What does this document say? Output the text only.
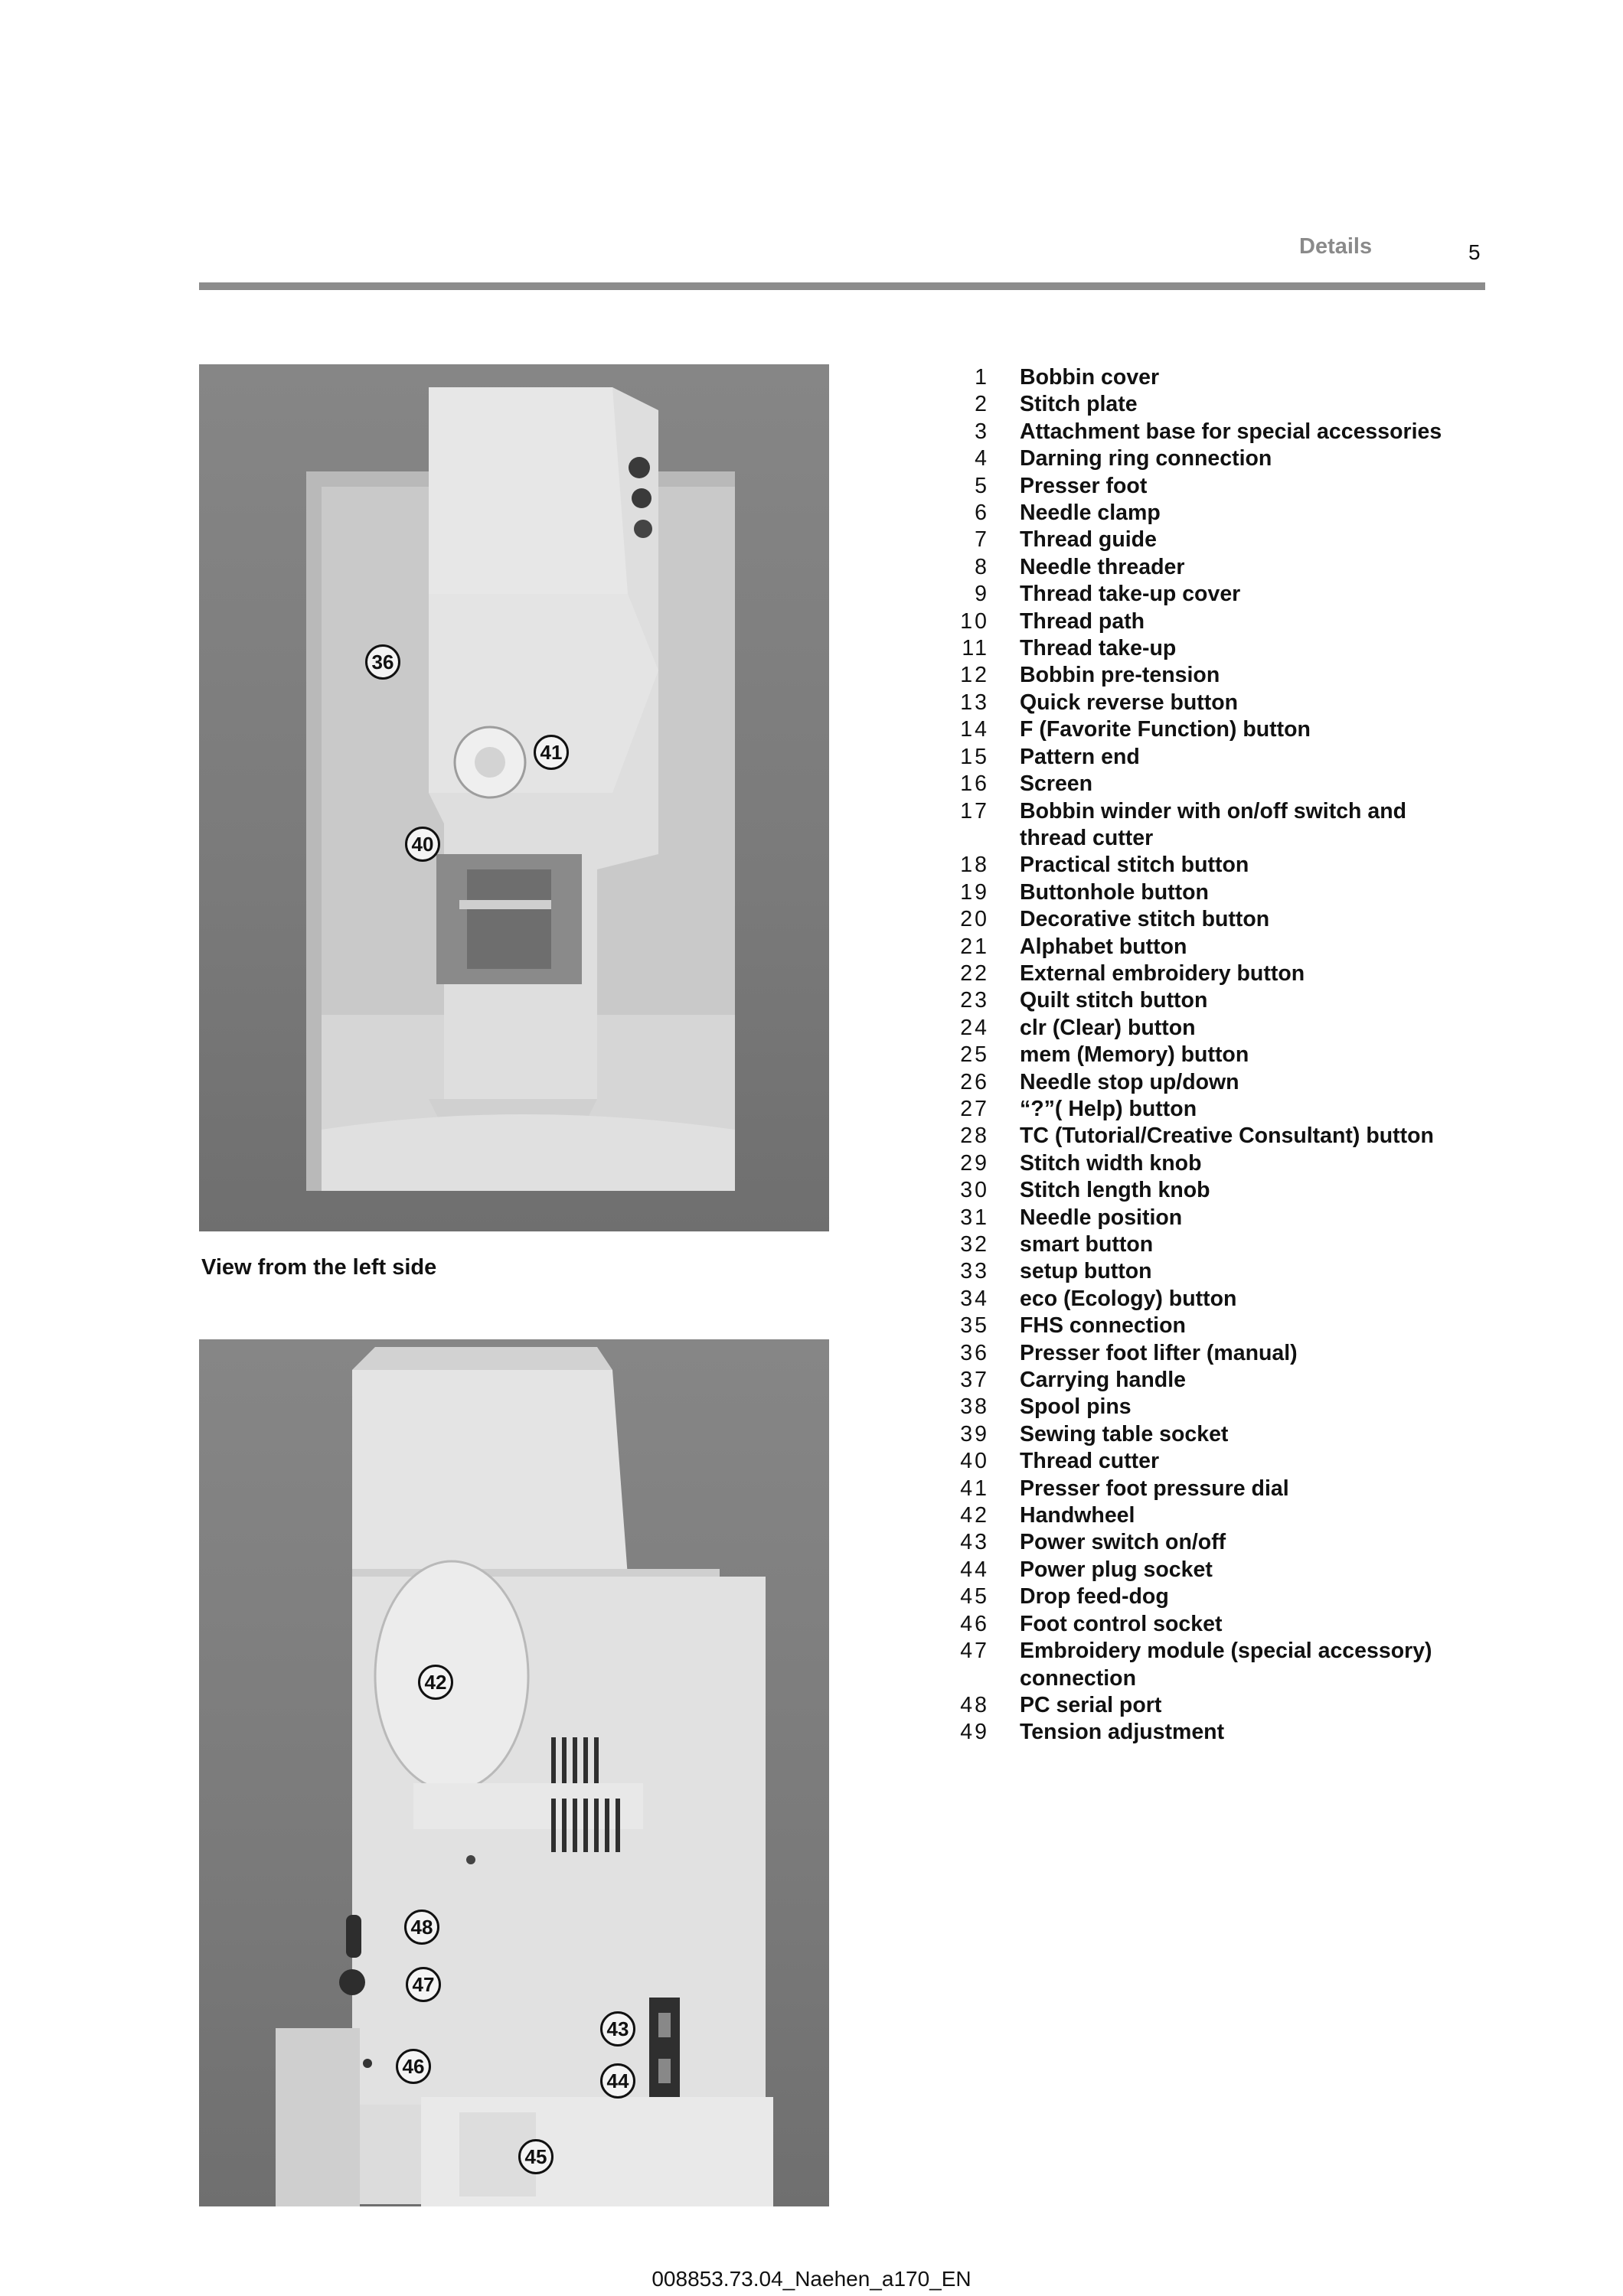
Details	5
36
41
40
View from the left side
42
48
47
43
46
44
45
1	Bobbin cover
2	Stitch plate
3	Attachment base for special accessories
4	Darning ring connection
5	Presser foot
6	Needle clamp
7	Thread guide
8	Needle threader
9	Thread take-up cover
10	Thread path
11	Thread take-up
12	Bobbin pre-tension
13	Quick reverse button
14	F (Favorite Function) button
15	Pattern end
16	Screen
17	Bobbin winder with on/off switch and
thread cutter
18	Practical stitch button
19	Buttonhole button
20	Decorative stitch button
21	Alphabet button
22	External embroidery button
23	Quilt stitch button
24	clr (Clear) button
25	mem (Memory) button
26	Needle stop up/down
27	“?”( Help) button
28	TC (Tutorial/Creative Consultant) button
29	Stitch width knob
30	Stitch length knob
31	Needle position
32	smart button
33	setup button
34	eco (Ecology) button
35	FHS connection
36	Presser foot lifter (manual)
37	Carrying handle
38	Spool pins
39	Sewing table socket
40	Thread cutter
41	Presser foot pressure dial
42	Handwheel
43	Power switch on/off
44	Power plug socket
45	Drop feed-dog
46	Foot control socket
47	Embroidery module (special accessory)
connection
48	PC serial port
49	Tension adjustment
008853.73.04_Naehen_a170_EN
